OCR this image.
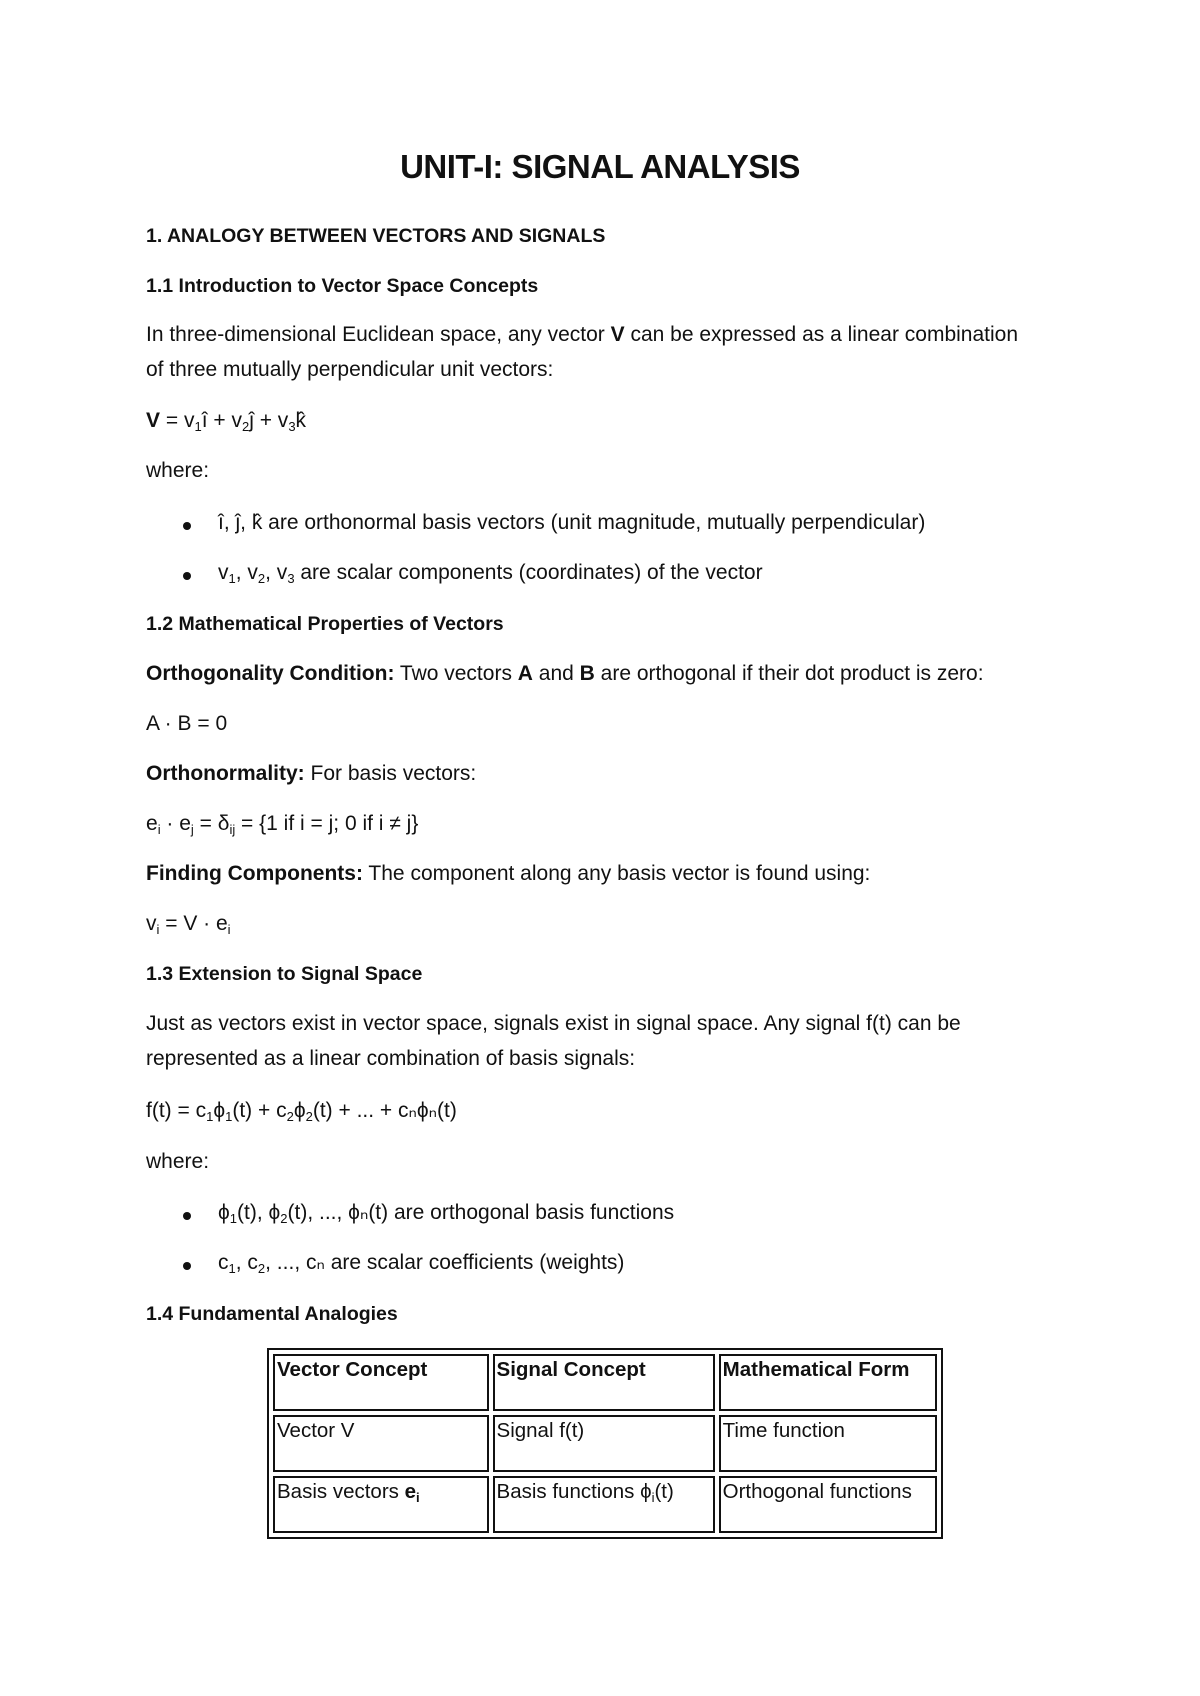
UNIT-I: SIGNAL ANALYSIS
1. ANALOGY BETWEEN VECTORS AND SIGNALS
1.1 Introduction to Vector Space Concepts
In three-dimensional Euclidean space, any vector V can be expressed as a linear combination
of three mutually perpendicular unit vectors:
$V = v_1î$ + $v_2ĵ$ + $v_3k̂$
where:
î, ĵ, k̂ are orthonormal basis vectors (unit magnitude, mutually perpendicular)
$v_1$, $v_2$, $v_3$ are scalar components (coordinates) of the vector
1.2 Mathematical Properties of Vectors
Orthogonality Condition: Two vectors A and B are orthogonal if their dot product is zero:
A · B = 0
Orthonormality: For basis vectors:
$e_i \cdot e_j = \delta_{ij} = \{1$ if i = j; 0 if i ≠ j}
Finding Components: The component along any basis vector is found using:
$v_i = V \cdot e_i$
1.3 Extension to Signal Space
Just as vectors exist in vector space, signals exist in signal space. Any signal f(t) can be
represented as a linear combination of basis signals:
$f(t) = c_1\phi_1(t) + c_2\phi_2(t)$ + ... + cₙϕₙ(t)
where:
$\phi_1(t)$, $\phi_2(t)$, ..., ϕₙ(t) are orthogonal basis functions
$c_1$, $c_2$, ..., cₙ are scalar coefficients (weights)
1.4 Fundamental Analogies
Vector Concept	Signal Concept	Mathematical Form
Vector V	Signal f(t)	Time function
Basis vectors $e_i$	Basis functions $\phi_i(t)$	Orthogonal functions
